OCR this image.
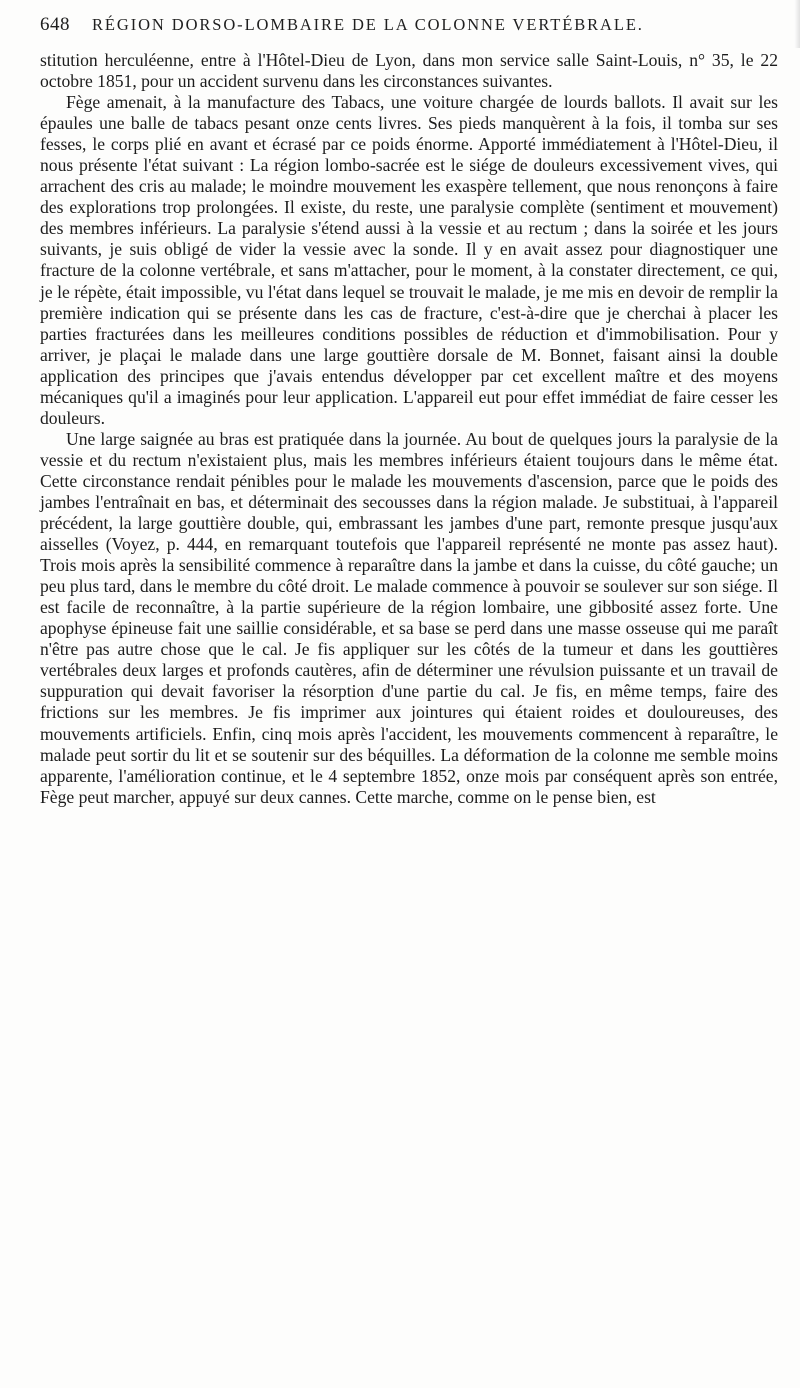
648 RÉGION DORSO-LOMBAIRE DE LA COLONNE VERTÉBRALE.

stitution herculéenne, entre à l'Hôtel-Dieu de Lyon, dans mon service salle Saint-Louis, n° 35, le 22 octobre 1851, pour un accident survenu dans les circonstances suivantes.

Fège amenait, à la manufacture des Tabacs, une voiture chargée de lourds ballots. Il avait sur les épaules une balle de tabacs pesant onze cents livres. Ses pieds manquèrent à la fois, il tomba sur ses fesses, le corps plié en avant et écrasé par ce poids énorme. Apporté immédiatement à l'Hôtel-Dieu, il nous présente l'état suivant : La région lombo-sacrée est le siége de douleurs excessivement vives, qui arrachent des cris au malade; le moindre mouvement les exaspère tellement, que nous renonçons à faire des explorations trop prolongées. Il existe, du reste, une paralysie complète (sentiment et mouvement) des membres inférieurs. La paralysie s'étend aussi à la vessie et au rectum ; dans la soirée et les jours suivants, je suis obligé de vider la vessie avec la sonde. Il y en avait assez pour diagnostiquer une fracture de la colonne vertébrale, et sans m'attacher, pour le moment, à la constater directement, ce qui, je le répète, était impossible, vu l'état dans lequel se trouvait le malade, je me mis en devoir de remplir la première indication qui se présente dans les cas de fracture, c'est-à-dire que je cherchai à placer les parties fracturées dans les meilleures conditions possibles de réduction et d'immobilisation. Pour y arriver, je plaçai le malade dans une large gouttière dorsale de M. Bonnet, faisant ainsi la double application des principes que j'avais entendus développer par cet excellent maître et des moyens mécaniques qu'il a imaginés pour leur application. L'appareil eut pour effet immédiat de faire cesser les douleurs.

Une large saignée au bras est pratiquée dans la journée. Au bout de quelques jours la paralysie de la vessie et du rectum n'existaient plus, mais les membres inférieurs étaient toujours dans le même état. Cette circonstance rendait pénibles pour le malade les mouvements d'ascension, parce que le poids des jambes l'entraînait en bas, et déterminait des secousses dans la région malade. Je substituai, à l'appareil précédent, la large gouttière double, qui, embrassant les jambes d'une part, remonte presque jusqu'aux aisselles (Voyez, p. 444, en remarquant toutefois que l'appareil représenté ne monte pas assez haut). Trois mois après la sensibilité commence à reparaître dans la jambe et dans la cuisse, du côté gauche; un peu plus tard, dans le membre du côté droit. Le malade commence à pouvoir se soulever sur son siége. Il est facile de reconnaître, à la partie supérieure de la région lombaire, une gibbosité assez forte. Une apophyse épineuse fait une saillie considérable, et sa base se perd dans une masse osseuse qui me paraît n'être pas autre chose que le cal. Je fis appliquer sur les côtés de la tumeur et dans les gouttières vertébrales deux larges et profonds cautères, afin de déterminer une révulsion puissante et un travail de suppuration qui devait favoriser la résorption d'une partie du cal. Je fis, en même temps, faire des frictions sur les membres. Je fis imprimer aux jointures qui étaient roides et douloureuses, des mouvements artificiels. Enfin, cinq mois après l'accident, les mouvements commencent à reparaître, le malade peut sortir du lit et se soutenir sur des béquilles. La déformation de la colonne me semble moins apparente, l'amélioration continue, et le 4 septembre 1852, onze mois par conséquent après son entrée, Fège peut marcher, appuyé sur deux cannes. Cette marche, comme on le pense bien, est
